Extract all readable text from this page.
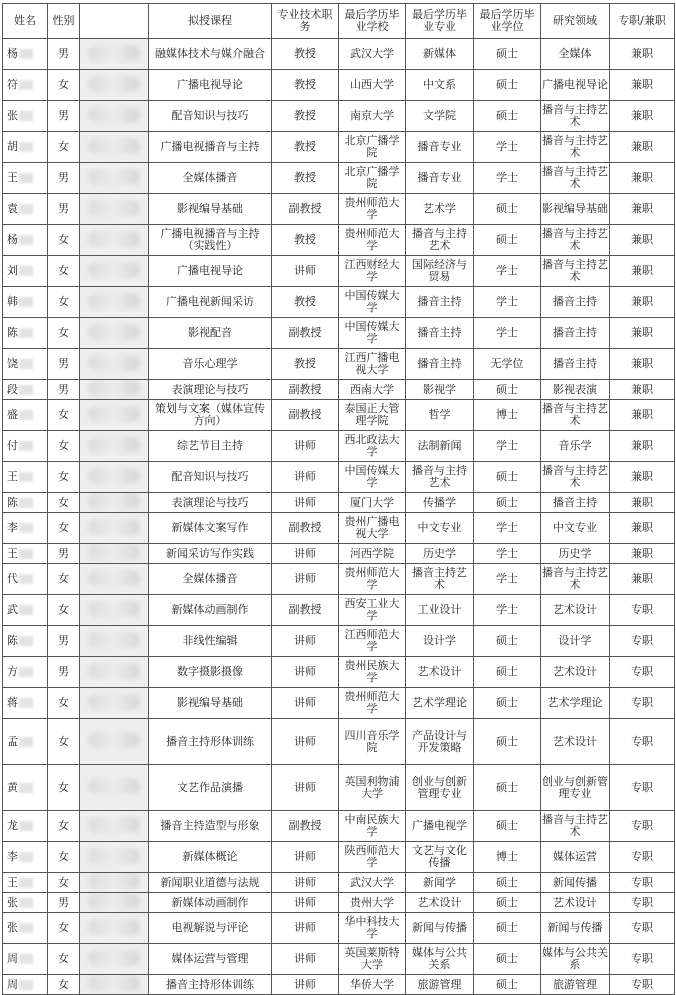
姓名	性别		拟授课程	专业技术职务	最后学历毕业学校	最后学历毕业专业	最后学历毕业学位	研究领域	专职/兼职
杨	男		融媒体技术与媒介融合	教授	武汉大学	新媒体	硕士	全媒体	兼职
符	女		广播电视导论	教授	山西大学	中文系	硕士	广播电视导论	兼职
张	男		配音知识与技巧	教授	南京大学	文学院	硕士	播音与主持艺术	兼职
胡	女		广播电视播音与主持	教授	北京广播学院	播音专业	学士	播音与主持艺术	兼职
王	男		全媒体播音	教授	北京广播学院	播音专业	学士	播音与主持艺术	兼职
袁	男		影视编导基础	副教授	贵州师范大学	艺术学	硕士	影视编导基础	兼职
杨	女		广播电视播音与主持（实践性）	教授	贵州师范大学	播音与主持艺术	硕士	播音与主持艺术	兼职
刘	女		广播电视导论	讲师	江西财经大学	国际经济与贸易	学士	播音与主持艺术	兼职
韩	女		广播电视新闻采访	教授	中国传媒大学	播音主持	学士	播音主持	兼职
陈	女		影视配音	副教授	中国传媒大学	播音主持	学士	播音主持	兼职
饶	男		音乐心理学	教授	江西广播电视大学	播音主持	无学位	播音主持	兼职
段	男		表演理论与技巧	副教授	西南大学	影视学	硕士	影视表演	兼职
盛	女		策划与文案（媒体宣传方向）	副教授	泰国正大管理学院	哲学	博士	播音与主持艺术	兼职
付	女		综艺节目主持	讲师	西北政法大学	法制新闻	学士	音乐学	兼职
王	女		配音知识与技巧	讲师	中国传媒大学	播音与主持艺术	硕士	播音与主持艺术	兼职
陈	女		表演理论与技巧	讲师	厦门大学	传播学	硕士	播音主持	兼职
李	女		新媒体文案写作	副教授	贵州广播电视大学	中文专业	学士	中文专业	兼职
王	男		新闻采访写作实践	讲师	河西学院	历史学	学士	历史学	兼职
代	女		全媒体播音	讲师	贵州师范大学	播音主持艺术	学士	播音与主持艺术	兼职
武	女		新媒体动画制作	副教授	西安工业大学	工业设计	学士	艺术设计	专职
陈	男		非线性编辑	讲师	江西师范大学	设计学	硕士	设计学	专职
方	男		数字摄影摄像	讲师	贵州民族大学	艺术设计	硕士	艺术设计	专职
蒋	女		影视编导基础	讲师	贵州师范大学	艺术学理论	硕士	艺术学理论	专职
孟	女		播音主持形体训练	讲师	四川音乐学院	产品设计与开发策略	硕士	艺术设计	专职
黄	女		文艺作品演播	讲师	英国利物浦大学	创业与创新管理专业	硕士	创业与创新管理专业	专职
龙	女		播音主持造型与形象	副教授	中南民族大学	广播电视学	硕士	播音与主持艺术	专职
李	女		新媒体概论	讲师	陕西师范大学	文艺与文化传播	博士	媒体运营	专职
王	女		新闻职业道德与法规	讲师	武汉大学	新闻学	硕士	新闻传播	专职
张	男		新媒体动画制作	讲师	贵州大学	艺术设计	硕士	艺术设计	专职
张	女		电视解说与评论	讲师	华中科技大学	新闻与传播	硕士	新闻与传播	专职
周	女		媒体运营与管理	讲师	英国莱斯特大学	媒体与公共关系	硕士	媒体与公共关系	专职
周	女		播音主持形体训练	讲师	华侨大学	旅游管理	硕士	旅游管理	专职
